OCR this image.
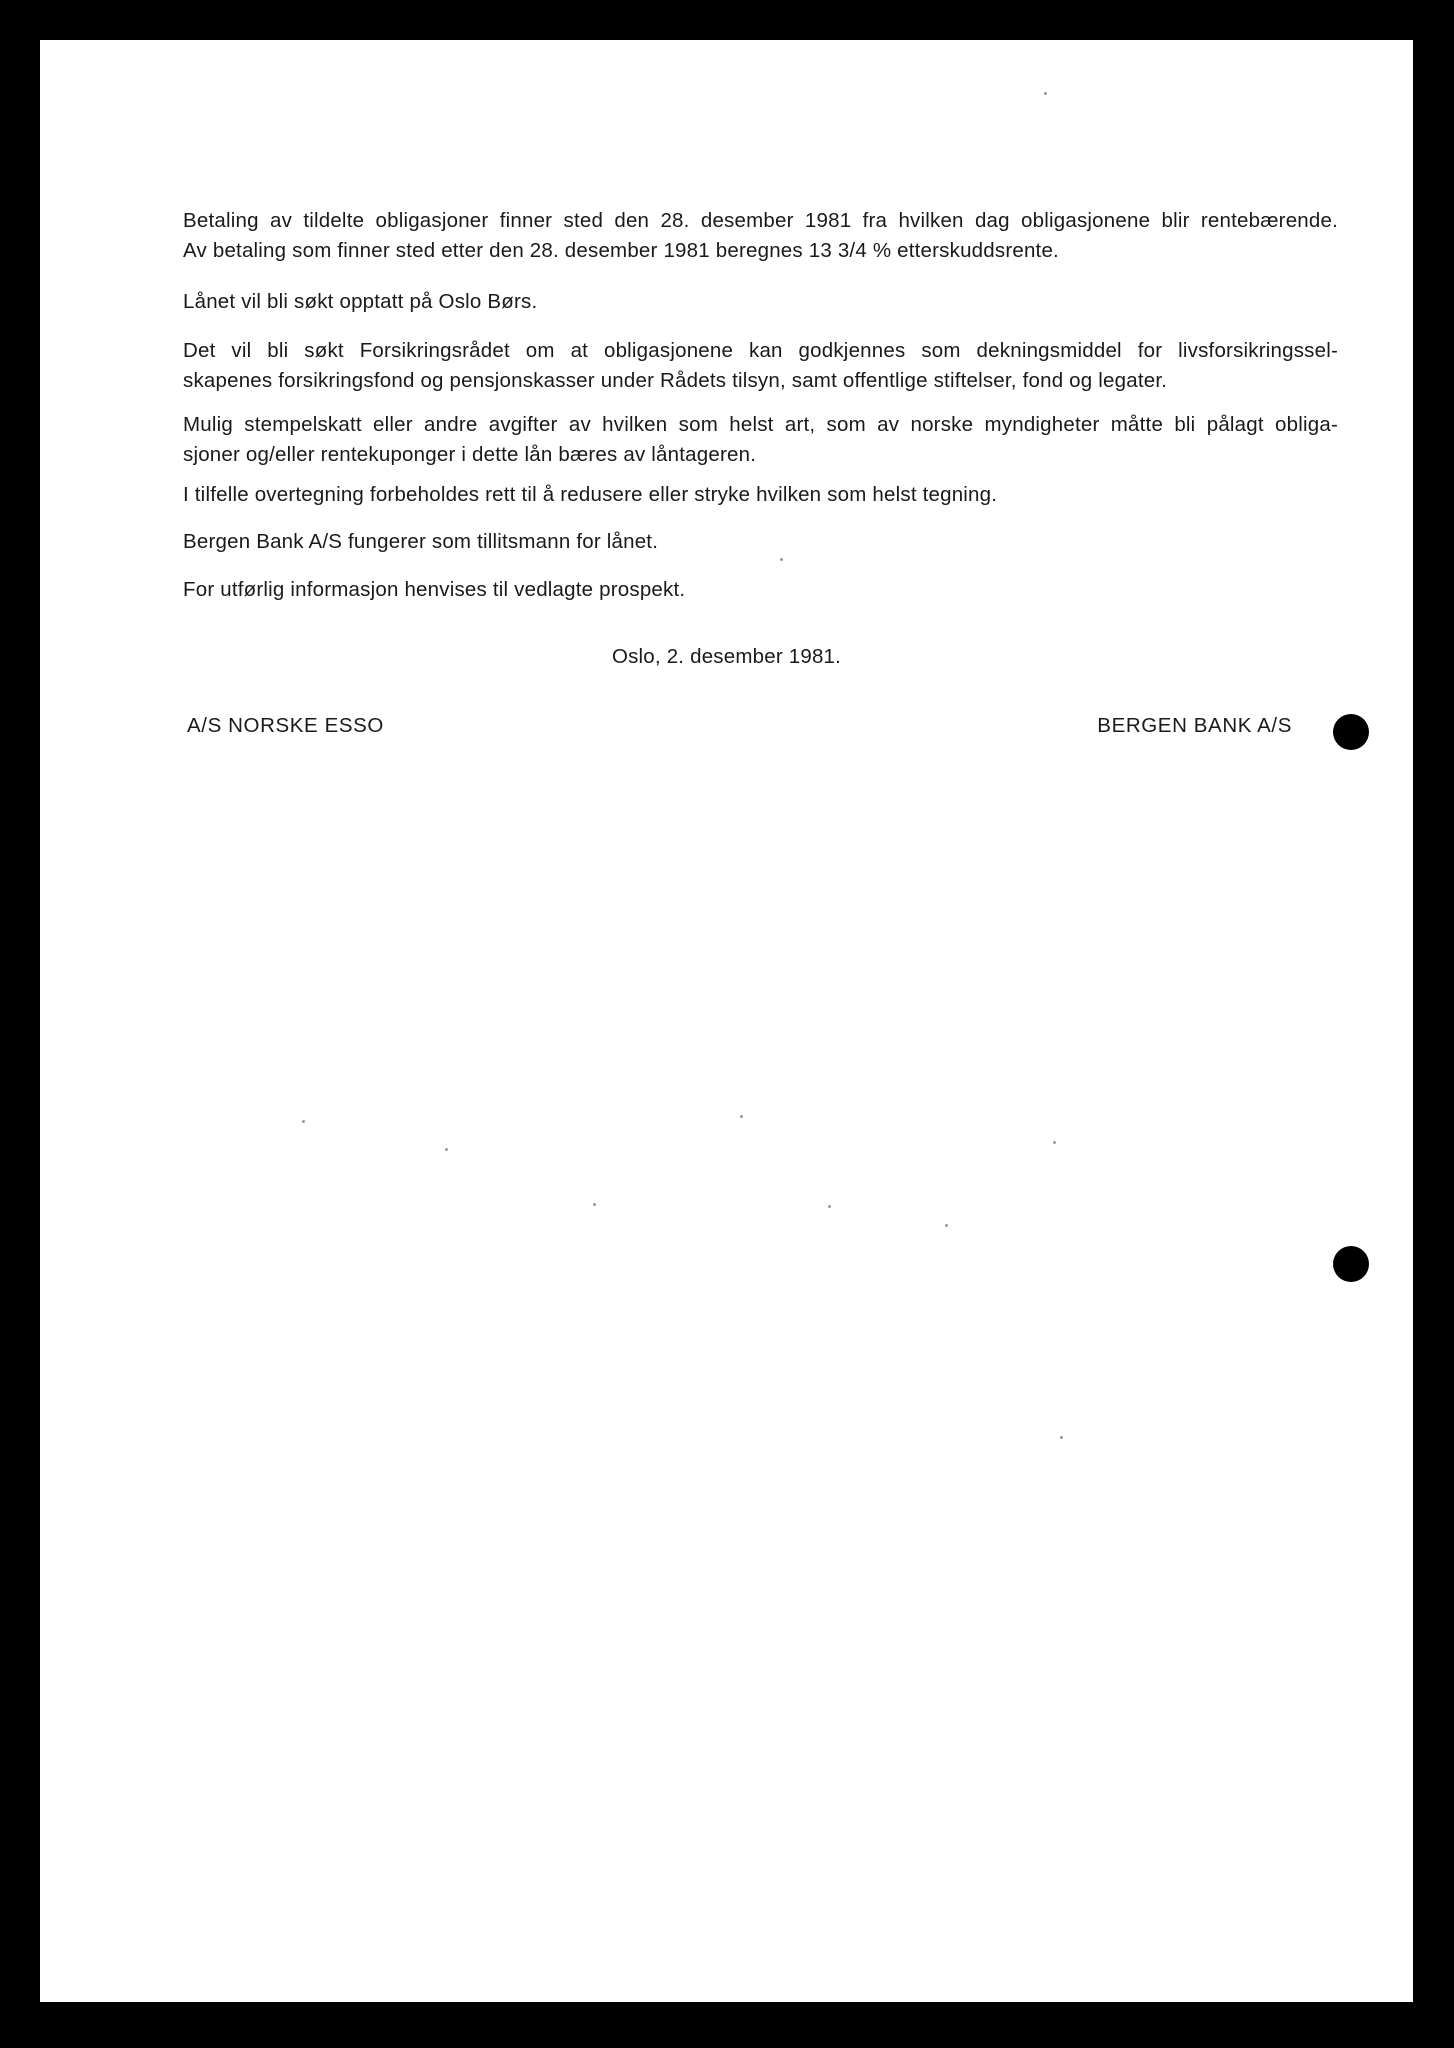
Betaling av tildelte obligasjoner finner sted den 28. desember 1981 fra hvilken dag obligasjonene blir rentebærende.
Av betaling som finner sted etter den 28. desember 1981 beregnes 13 3/4 % etterskuddsrente.
Lånet vil bli søkt opptatt på Oslo Børs.
Det vil bli søkt Forsikringsrådet om at obligasjonene kan godkjennes som dekningsmiddel for livsforsikringssel-
skapenes forsikringsfond og pensjonskasser under Rådets tilsyn, samt offentlige stiftelser, fond og legater.
Mulig stempelskatt eller andre avgifter av hvilken som helst art, som av norske myndigheter måtte bli pålagt obliga-
sjoner og/eller rentekuponger i dette lån bæres av låntageren.
I tilfelle overtegning forbeholdes rett til å redusere eller stryke hvilken som helst tegning.
Bergen Bank A/S fungerer som tillitsmann for lånet.
For utførlig informasjon henvises til vedlagte prospekt.
Oslo, 2. desember 1981.
A/S NORSKE ESSO	BERGEN BANK A/S
